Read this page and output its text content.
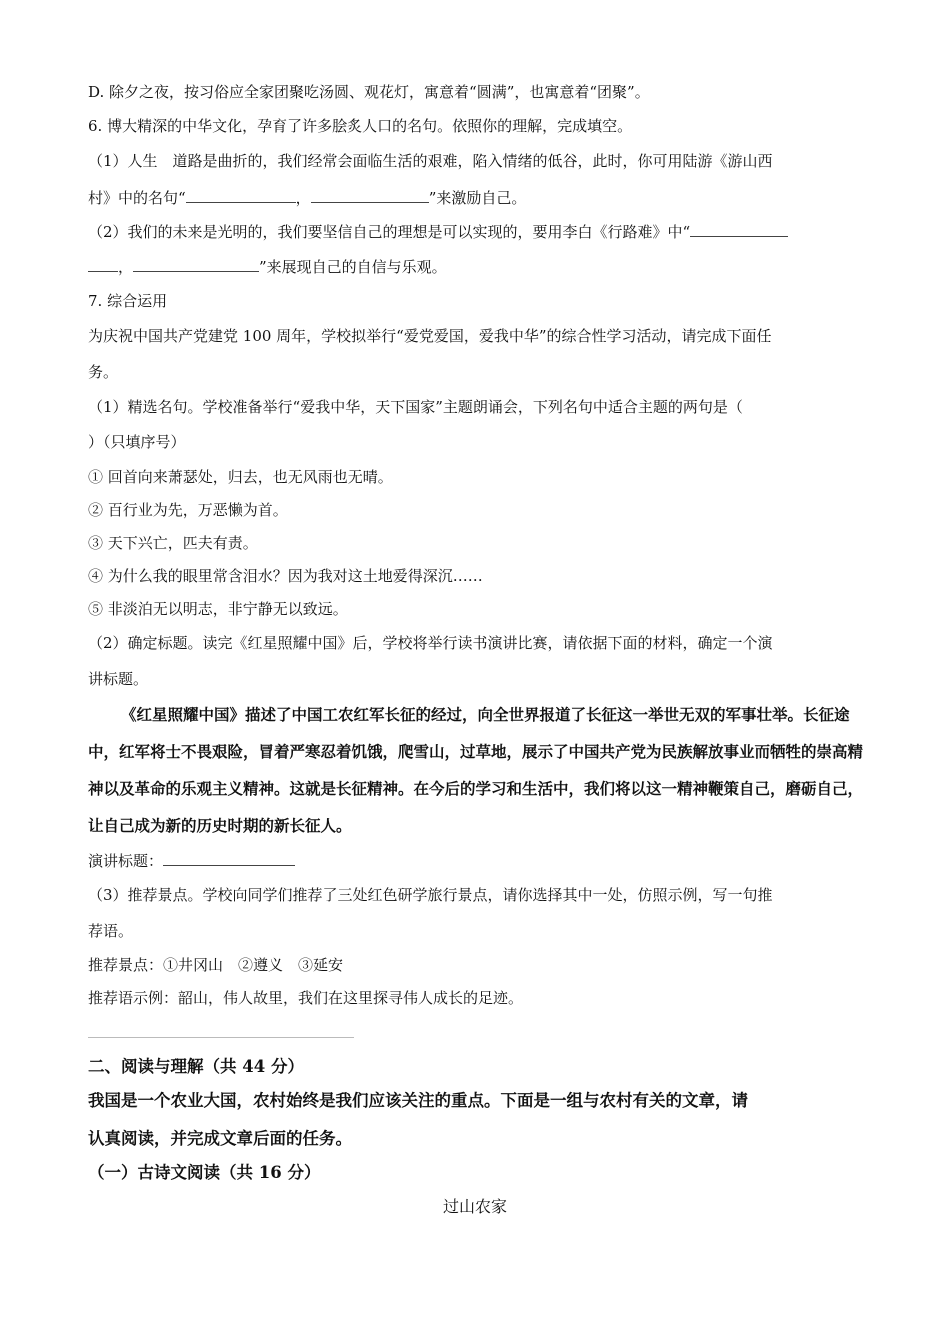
D. 除夕之夜，按习俗应全家团聚吃汤圆、观花灯，寓意着“圆满”，也寓意着“团聚”。
6. 博大精深的中华文化，孕育了许多脍炙人口的名句。依照你的理解，完成填空。
（1）人生　道路是曲折的，我们经常会面临生活的艰难，陷入情绪的低谷，此时，你可用陆游《游山西
村》中的名句“	，	”来激励自己。
（2）我们的未来是光明的，我们要坚信自己的理想是可以实现的，要用李白《行路难》中“
，	”来展现自己的自信与乐观。
7. 综合运用
为庆祝中国共产党建党 100 周年，学校拟举行“爱党爱国，爱我中华”的综合性学习活动，请完成下面任
务。
（1）精选名句。学校准备举行“爱我中华，天下国家”主题朗诵会，下列名句中适合主题的两句是（
）（只填序号）
① 回首向来萧瑟处，归去，也无风雨也无晴。
② 百行业为先，万恶懒为首。
③ 天下兴亡，匹夫有责。
④ 为什么我的眼里常含泪水？因为我对这土地爱得深沉……
⑤ 非淡泊无以明志，非宁静无以致远。
（2）确定标题。读完《红星照耀中国》后，学校将举行读书演讲比赛，请依据下面的材料，确定一个演
讲标题。

《红星照耀中国》描述了中国工农红军长征的经过，向全世界报道了长征这一举世无双的军事壮举。长征途中，红军将士不畏艰险，冒着严寒忍着饥饿，爬雪山，过草地，展示了中国共产党为民族解放事业而牺牲的崇高精神以及革命的乐观主义精神。这就是长征精神。在今后的学习和生活中，我们将以这一精神鞭策自己，磨砺自己，让自己成为新的历史时期的新长征人。

演讲标题：
（3）推荐景点。学校向同学们推荐了三处红色研学旅行景点，请你选择其中一处，仿照示例，写一句推
荐语。
推荐景点：①井冈山　②遵义　③延安
推荐语示例：韶山，伟人故里，我们在这里探寻伟人成长的足迹。
二、阅读与理解（共 44 分）
我国是一个农业大国，农村始终是我们应该关注的重点。下面是一组与农村有关的文章，请
认真阅读，并完成文章后面的任务。
（一）古诗文阅读（共 16 分）
过山农家
